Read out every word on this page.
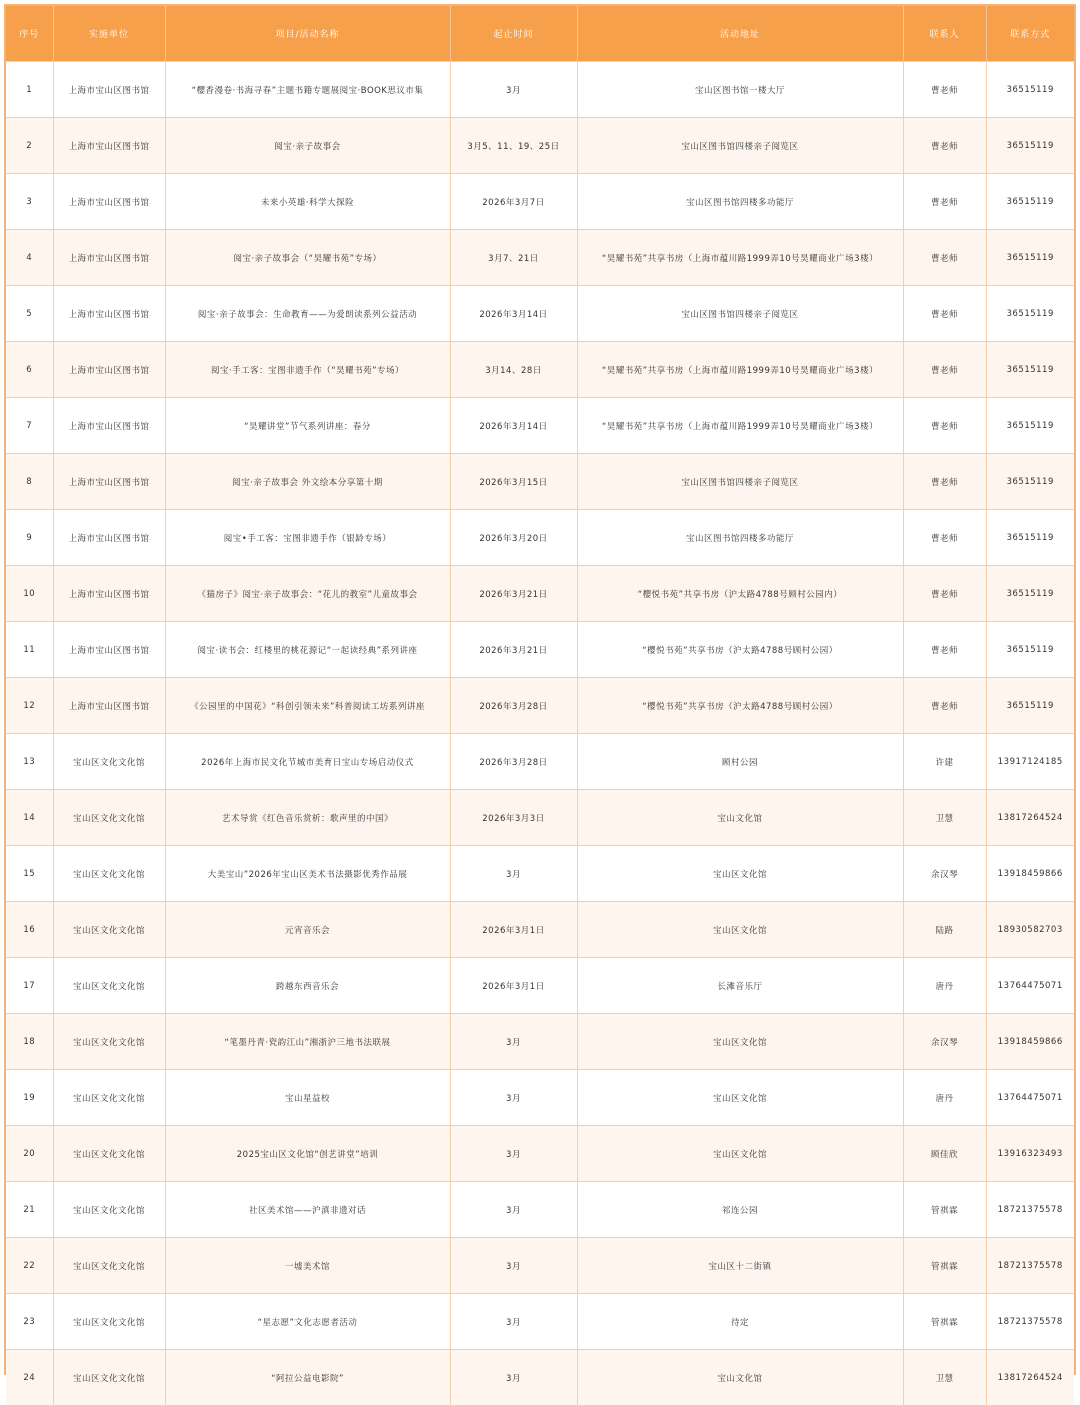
序号	实施单位	项目/活动名称	起止时间	活动地址	联系人	联系方式
1	上海市宝山区图书馆	“樱香漫卷·书海寻春”主题书籍专题展阅宝·BOOK思议市集	3月	宝山区图书馆一楼大厅	曹老师	36515119
2	上海市宝山区图书馆	阅宝·亲子故事会	3月5、11、19、25日	宝山区图书馆四楼亲子阅览区	曹老师	36515119
3	上海市宝山区图书馆	未来小英雄·科学大探险	2026年3月7日	宝山区图书馆四楼多功能厅	曹老师	36515119
4	上海市宝山区图书馆	阅宝·亲子故事会（“昊耀书苑”专场）	3月7、21日	“昊耀书苑”共享书房（上海市蕴川路1999弄10号昊耀商业广场3楼）	曹老师	36515119
5	上海市宝山区图书馆	阅宝·亲子故事会：生命教育——为爱朗读系列公益活动	2026年3月14日	宝山区图书馆四楼亲子阅览区	曹老师	36515119
6	上海市宝山区图书馆	阅宝·手工客：宝图非遗手作（“昊耀书苑”专场）	3月14、28日	“昊耀书苑”共享书房（上海市蕴川路1999弄10号昊耀商业广场3楼）	曹老师	36515119
7	上海市宝山区图书馆	“昊耀讲堂”节气系列讲座：春分	2026年3月14日	“昊耀书苑”共享书房（上海市蕴川路1999弄10号昊耀商业广场3楼）	曹老师	36515119
8	上海市宝山区图书馆	阅宝·亲子故事会 外文绘本分享第十期	2026年3月15日	宝山区图书馆四楼亲子阅览区	曹老师	36515119
9	上海市宝山区图书馆	阅宝•手工客：宝图非遗手作（银龄专场）	2026年3月20日	宝山区图书馆四楼多功能厅	曹老师	36515119
10	上海市宝山区图书馆	《猫房子》阅宝·亲子故事会：“花儿的教室”儿童故事会	2026年3月21日	“樱悦书苑”共享书房（沪太路4788号顾村公园内）	曹老师	36515119
11	上海市宝山区图书馆	阅宝·读书会：红楼里的桃花源记“一起读经典”系列讲座	2026年3月21日	“樱悦书苑”共享书房（沪太路4788号顾村公园）	曹老师	36515119
12	上海市宝山区图书馆	《公园里的中国花》“科创引领未来”科普阅读工坊系列讲座	2026年3月28日	“樱悦书苑”共享书房（沪太路4788号顾村公园）	曹老师	36515119
13	宝山区文化文化馆	2026年上海市民文化节城市美育日宝山专场启动仪式	2026年3月28日	顾村公园	许建	13917124185
14	宝山区文化文化馆	艺术导赏《红色音乐赏析：歌声里的中国》	2026年3月3日	宝山文化馆	卫慧	13817264524
15	宝山区文化文化馆	大美宝山”2026年宝山区美术书法摄影优秀作品展	3月	宝山区文化馆	余汉琴	13918459866
16	宝山区文化文化馆	元宵音乐会	2026年3月1日	宝山区文化馆	陆路	18930582703
17	宝山区文化文化馆	跨越东西音乐会	2026年3月1日	长滩音乐厅	唐丹	13764475071
18	宝山区文化文化馆	“笔墨丹青·瓷韵江山”湘浙沪三地书法联展	3月	宝山区文化馆	余汉琴	13918459866
19	宝山区文化文化馆	宝山星益校	3月	宝山区文化馆	唐丹	13764475071
20	宝山区文化文化馆	2025宝山区文化馆“创艺讲堂”培训	3月	宝山区文化馆	顾佳欣	13916323493
21	宝山区文化文化馆	社区美术馆——沪滇非遗对话	3月	祁连公园	管祺霖	18721375578
22	宝山区文化文化馆	一墟美术馆	3月	宝山区十二街镇	管祺霖	18721375578
23	宝山区文化文化馆	“星志愿”文化志愿者活动	3月	待定	管祺霖	18721375578
24	宝山区文化文化馆	“阿拉公益电影院”	3月	宝山文化馆	卫慧	13817264524
